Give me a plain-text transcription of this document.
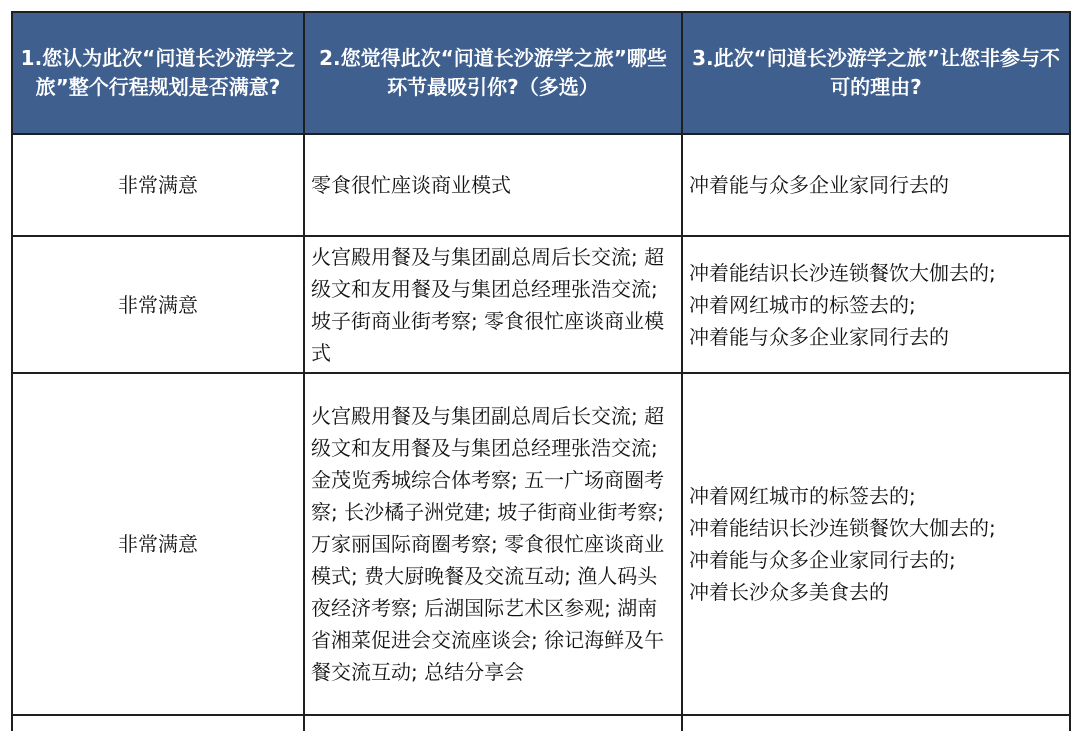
1.您认为此次“问道长沙游学之旅”整个行程规划是否满意?	2.您觉得此次“问道长沙游学之旅”哪些环节最吸引你?（多选）	3.此次“问道长沙游学之旅”让您非参与不可的理由?
非常满意	零食很忙座谈商业模式	冲着能与众多企业家同行去的

非常满意	火宫殿用餐及与集团副总周后长交流; 超级文和友用餐及与集团总经理张浩交流; 坡子街商业街考察; 零食很忙座谈商业模式	冲着能结识长沙连锁餐饮大伽去的;
冲着网红城市的标签去的;
冲着能与众多企业家同行去的

非常满意	火宫殿用餐及与集团副总周后长交流; 超级文和友用餐及与集团总经理张浩交流; 金茂览秀城综合体考察; 五一广场商圈考察; 长沙橘子洲党建; 坡子街商业街考察; 万家丽国际商圈考察; 零食很忙座谈商业模式; 费大厨晚餐及交流互动; 渔人码头夜经济考察; 后湖国际艺术区参观; 湖南省湘菜促进会交流座谈会; 徐记海鲜及午餐交流互动; 总结分享会	冲着网红城市的标签去的;
冲着能结识长沙连锁餐饮大伽去的;
冲着能与众多企业家同行去的;
冲着长沙众多美食去的
